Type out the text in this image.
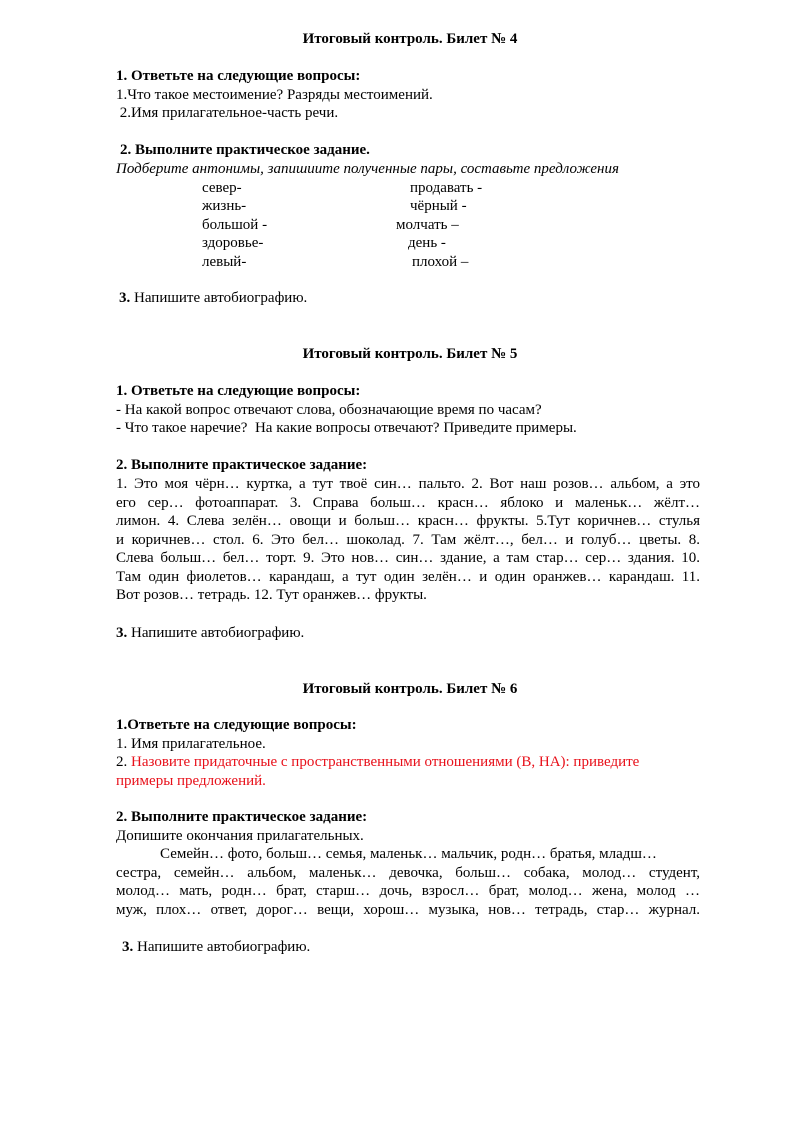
Итоговый контроль. Билет № 4
1. Ответьте на следующие вопросы:
1.Что такое местоимение? Разряды местоимений.
2.Имя прилагательное-часть речи.
2. Выполните практическое задание.
Подберите антонимы, запишиите полученные пары, составьте предложения
север-
жизнь-
большой -
здоровье-
левый-
продавать -
чёрный -
молчать –
день -
плохой –
3. Напишите автобиографию.
Итоговый контроль. Билет № 5
1. Ответьте на следующие вопросы:
- На какой вопрос отвечают слова, обозначающие время по часам?
- Что такое наречие?  На какие вопросы отвечают? Приведите примеры.
2. Выполните практическое задание:
1. Это моя чёрн… куртка, а тут твоё син… пальто. 2. Вот наш розов… альбом, а это
его сер… фотоаппарат. 3. Справа больш… красн… яблоко и маленьк… жёлт…
лимон. 4. Слева зелён… овощи и больш… красн… фрукты. 5.Тут коричнев… стулья
и коричнев… стол. 6. Это бел… шоколад. 7. Там жёлт…, бел… и голуб… цветы. 8.
Слева больш… бел… торт. 9. Это нов… син… здание, а там стар… сер… здания. 10.
Там один фиолетов… карандаш, а тут один зелён… и один оранжев… карандаш. 11.
Вот розов… тетрадь. 12. Тут оранжев… фрукты.
3. Напишите автобиографию.
Итоговый контроль. Билет № 6
1.Ответьте на следующие вопросы:
1. Имя прилагательное.
2. Назовите придаточные с пространственными отношениями (В, НА): приведите
примеры предложений.
2. Выполните практическое задание:
Допишите окончания прилагательных.
Семейн… фото, больш… семья, маленьк… мальчик, родн… братья, младш…
сестра, семейн… альбом, маленьк… девочка, больш… собака, молод… студент,
молод… мать, родн… брат, старш… дочь, взросл… брат, молод… жена, молод …
муж, плох… ответ, дорог… вещи, хорош… музыка, нов… тетрадь, стар… журнал.
3. Напишите автобиографию.
